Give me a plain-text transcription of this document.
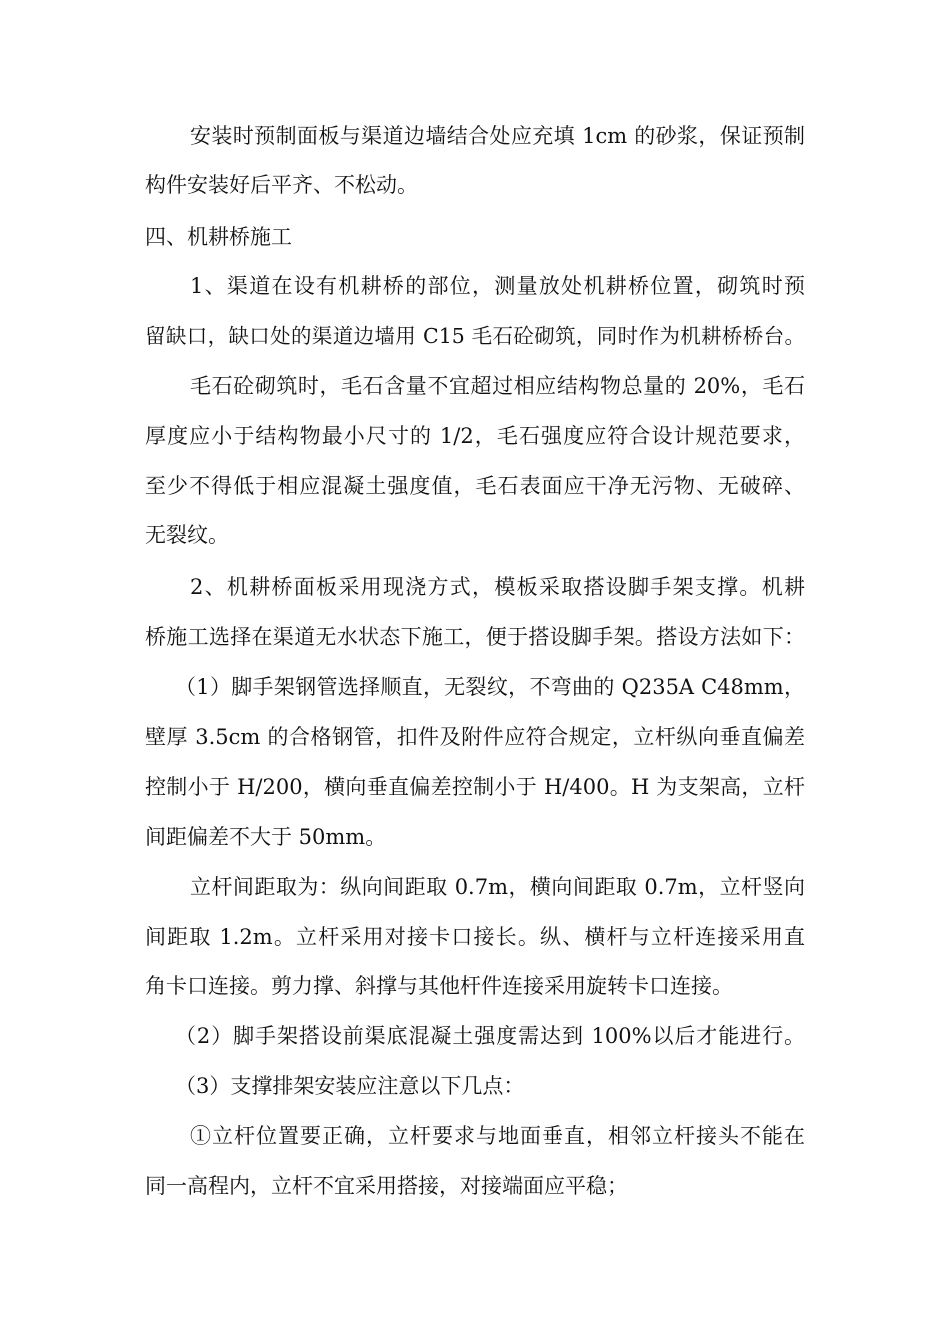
安装时预制面板与渠道边墙结合处应充填 1cm 的砂浆，保证预制

构件安装好后平齐、不松动。

四、机耕桥施工

1、渠道在设有机耕桥的部位，测量放处机耕桥位置，砌筑时预

留缺口，缺口处的渠道边墙用 C15 毛石砼砌筑，同时作为机耕桥桥台。

毛石砼砌筑时，毛石含量不宜超过相应结构物总量的 20%，毛石

厚度应小于结构物最小尺寸的 1/2，毛石强度应符合设计规范要求，

至少不得低于相应混凝土强度值，毛石表面应干净无污物、无破碎、

无裂纹。

2、机耕桥面板采用现浇方式，模板采取搭设脚手架支撑。机耕

桥施工选择在渠道无水状态下施工，便于搭设脚手架。搭设方法如下：

（1）脚手架钢管选择顺直，无裂纹，不弯曲的 Q235A C48mm，

壁厚 3.5cm 的合格钢管，扣件及附件应符合规定，立杆纵向垂直偏差

控制小于 H/200，横向垂直偏差控制小于 H/400。H 为支架高，立杆

间距偏差不大于 50mm。

立杆间距取为：纵向间距取 0.7m，横向间距取 0.7m，立杆竖向

间距取 1.2m。立杆采用对接卡口接长。纵、横杆与立杆连接采用直

角卡口连接。剪力撑、斜撑与其他杆件连接采用旋转卡口连接。

（2）脚手架搭设前渠底混凝土强度需达到 100%以后才能进行。

（3）支撑排架安装应注意以下几点：

①立杆位置要正确，立杆要求与地面垂直，相邻立杆接头不能在

同一高程内，立杆不宜采用搭接，对接端面应平稳；
